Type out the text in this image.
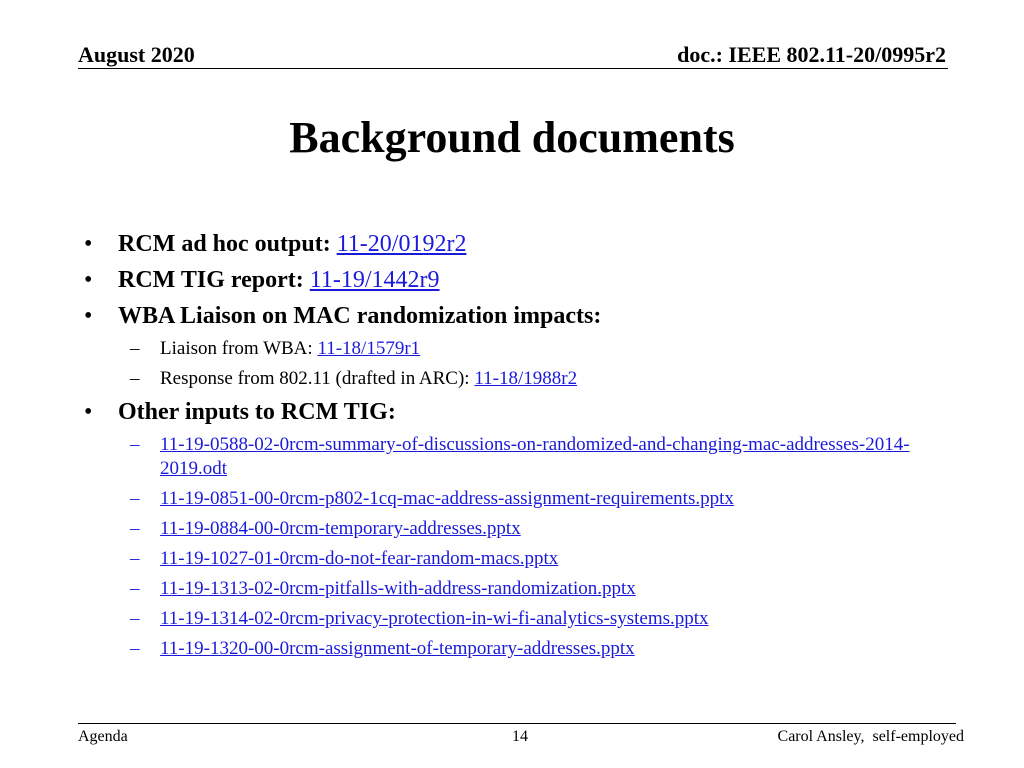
August 2020	doc.: IEEE 802.11-20/0995r2
Background documents
• RCM ad hoc output: 11-20/0192r2
• RCM TIG report: 11-19/1442r9
• WBA Liaison on MAC randomization impacts:
– Liaison from WBA: 11-18/1579r1
– Response from 802.11 (drafted in ARC): 11-18/1988r2
• Other inputs to RCM TIG:
– 11-19-0588-02-0rcm-summary-of-discussions-on-randomized-and-changing-mac-addresses-2014-2019.odt
– 11-19-0851-00-0rcm-p802-1cq-mac-address-assignment-requirements.pptx
– 11-19-0884-00-0rcm-temporary-addresses.pptx
– 11-19-1027-01-0rcm-do-not-fear-random-macs.pptx
– 11-19-1313-02-0rcm-pitfalls-with-address-randomization.pptx
– 11-19-1314-02-0rcm-privacy-protection-in-wi-fi-analytics-systems.pptx
– 11-19-1320-00-0rcm-assignment-of-temporary-addresses.pptx
Agenda	14	Carol Ansley,  self-employed
